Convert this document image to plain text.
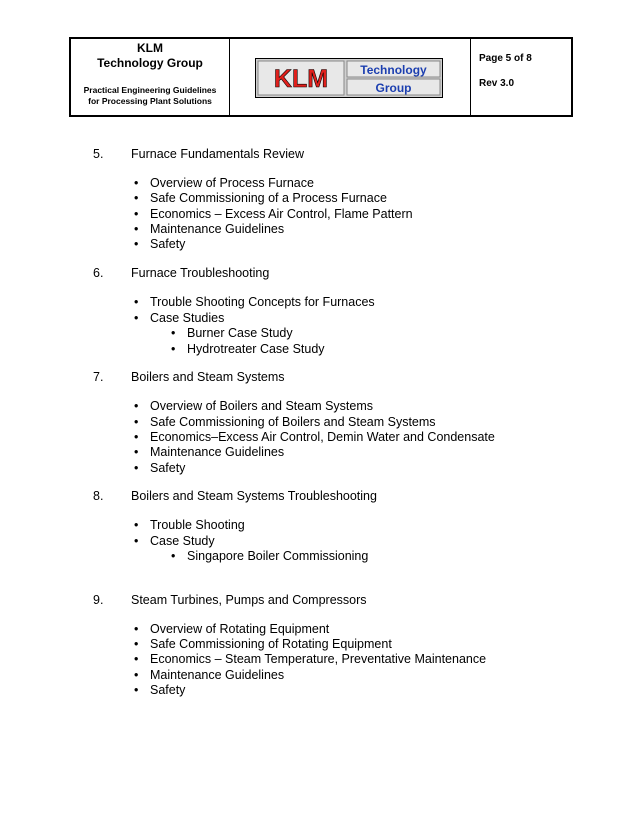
KLM
Technology Group
Practical Engineering Guidelines
for Processing Plant Solutions
KLM	Technology
Group
Page 5 of 8
Rev 3.0
5. Furnace Fundamentals Review
• Overview of Process Furnace
• Safe Commissioning of a Process Furnace
• Economics – Excess Air Control, Flame Pattern
• Maintenance Guidelines
• Safety
6. Furnace Troubleshooting
• Trouble Shooting Concepts for Furnaces
• Case Studies
• Burner Case Study
• Hydrotreater Case Study
7. Boilers and Steam Systems
• Overview of Boilers and Steam Systems
• Safe Commissioning of Boilers and Steam Systems
• Economics–Excess Air Control, Demin Water and Condensate
• Maintenance Guidelines
• Safety
8. Boilers and Steam Systems Troubleshooting
• Trouble Shooting
• Case Study
• Singapore Boiler Commissioning
9. Steam Turbines, Pumps and Compressors
• Overview of Rotating Equipment
• Safe Commissioning of Rotating Equipment
• Economics – Steam Temperature, Preventative Maintenance
• Maintenance Guidelines
• Safety
